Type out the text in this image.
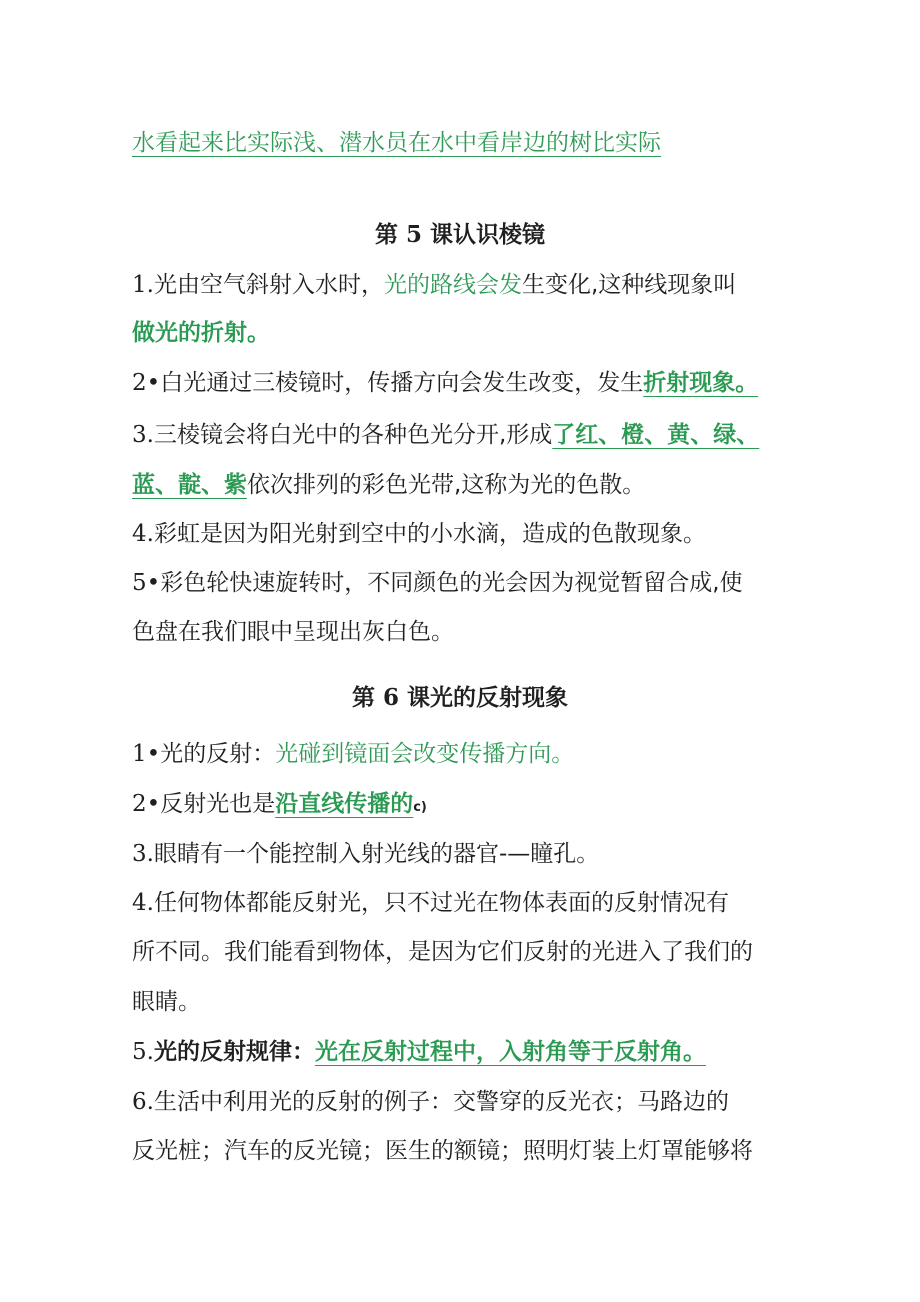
水看起来比实际浅、潜水员在水中看岸边的树比实际

第 5 课认识棱镜

1.光由空气斜射入水时，光的路线会发生变化,这种线现象叫

做光的折射。

2•白光通过三棱镜时，传播方向会发生改变，发生折射现象。

3.三棱镜会将白光中的各种色光分开,形成了红、橙、黄、绿、

蓝、靛、紫依次排列的彩色光带,这称为光的色散。

4.彩虹是因为阳光射到空中的小水滴，造成的色散现象。

5•彩色轮快速旋转时，不同颜色的光会因为视觉暂留合成,使

色盘在我们眼中呈现出灰白色。

第 6 课光的反射现象

1•光的反射：光碰到镜面会改变传播方向。

2•反射光也是沿直线传播的c)

3.眼睛有一个能控制入射光线的器官-—瞳孔。

4.任何物体都能反射光，只不过光在物体表面的反射情况有

所不同。我们能看到物体，是因为它们反射的光进入了我们的

眼睛。

5.光的反射规律：光在反射过程中，入射角等于反射角。

6.生活中利用光的反射的例子：交警穿的反光衣；马路边的

反光桩；汽车的反光镜；医生的额镜；照明灯装上灯罩能够将
